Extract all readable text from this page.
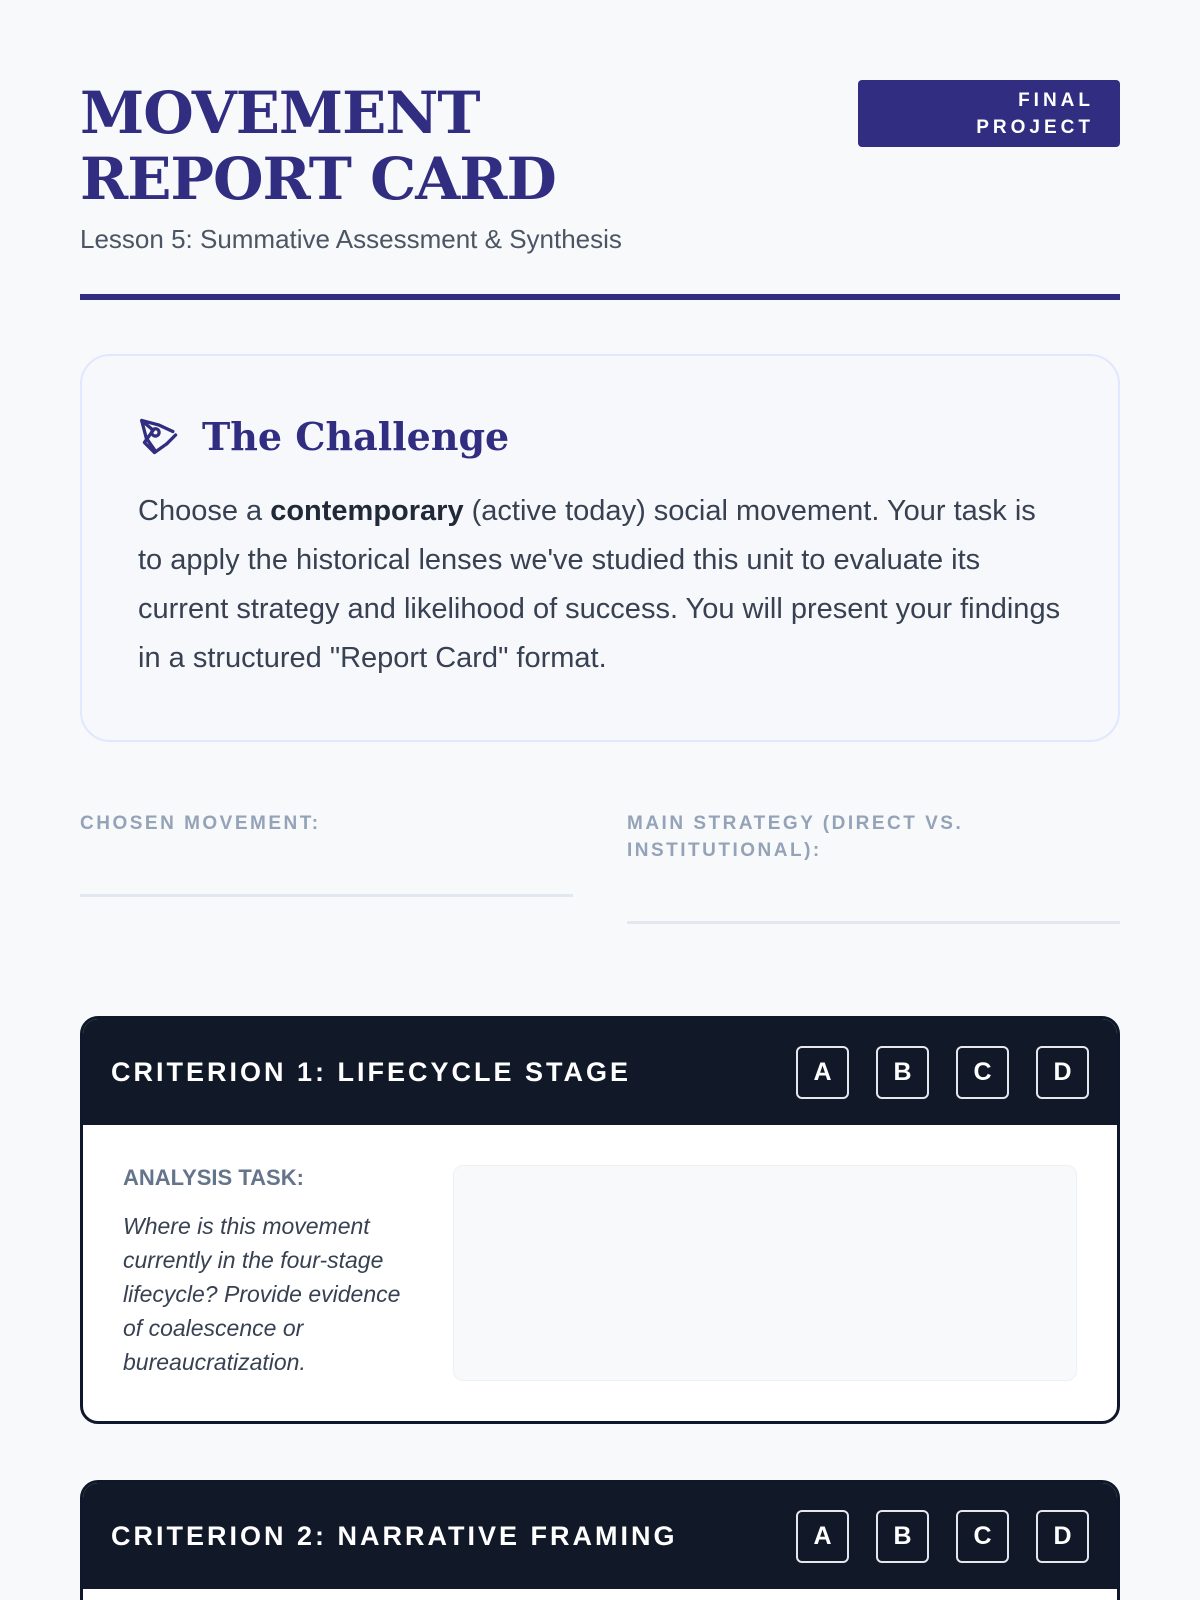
MOVEMENT REPORT CARD
Lesson 5: Summative Assessment & Synthesis
FINAL
PROJECT
The Challenge

Choose a contemporary (active today) social movement. Your task is to apply the historical lenses we've studied this unit to evaluate its current strategy and likelihood of success. You will present your findings in a structured "Report Card" format.

CHOSEN MOVEMENT:	MAIN STRATEGY (DIRECT VS. INSTITUTIONAL):
CRITERION 1: LIFECYCLE STAGE	A	B	C	D
ANALYSIS TASK:
Where is this movement currently in the four-stage lifecycle? Provide evidence of coalescence or bureaucratization.
CRITERION 2: NARRATIVE FRAMING	A	B	C	D
